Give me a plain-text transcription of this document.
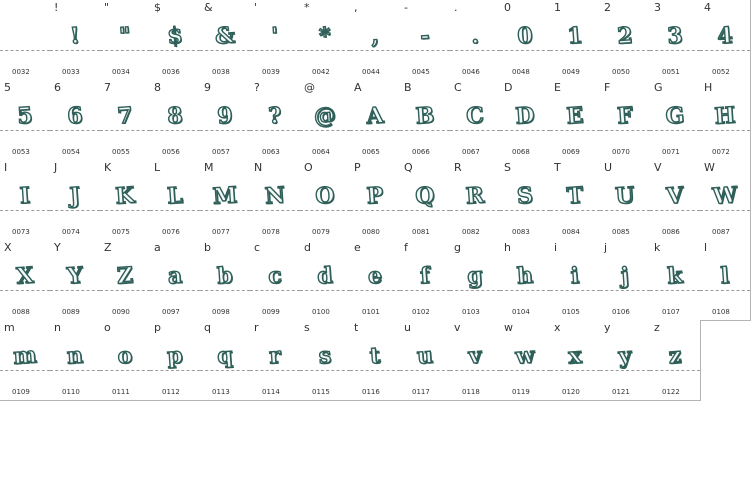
0032
!
!
0033
"
"
0034
$
$
0036
&
&
0038
'
'
0039
*
*
0042
,
,
0044
-
-
0045
.
.
0046
0
0
0048
1
1
0049
2
2
0050
3
3
0051
4
4
0052
5
5
0053
6
6
0054
7
7
0055
8
8
0056
9
9
0057
?
?
0063
@
@
0064
A
A
0065
B
B
0066
C
C
0067
D
D
0068
E
E
0069
F
F
0070
G
G
0071
H
H
0072
I
I
0073
J
J
0074
K
K
0075
L
L
0076
M
M
0077
N
N
0078
O
O
0079
P
P
0080
Q
Q
0081
R
R
0082
S
S
0083
T
T
0084
U
U
0085
V
V
0086
W
W
0087
X
X
0088
Y
Y
0089
Z
Z
0090
a
a
0097
b
b
0098
c
c
0099
d
d
0100
e
e
0101
f
f
0102
g
g
0103
h
h
0104
i
i
0105
j
j
0106
k
k
0107
l
l
0108
m
m
0109
n
n
0110
o
o
0111
p
p
0112
q
q
0113
r
r
0114
s
s
0115
t
t
0116
u
u
0117
v
v
0118
w
w
0119
x
x
0120
y
y
0121
z
z
0122
